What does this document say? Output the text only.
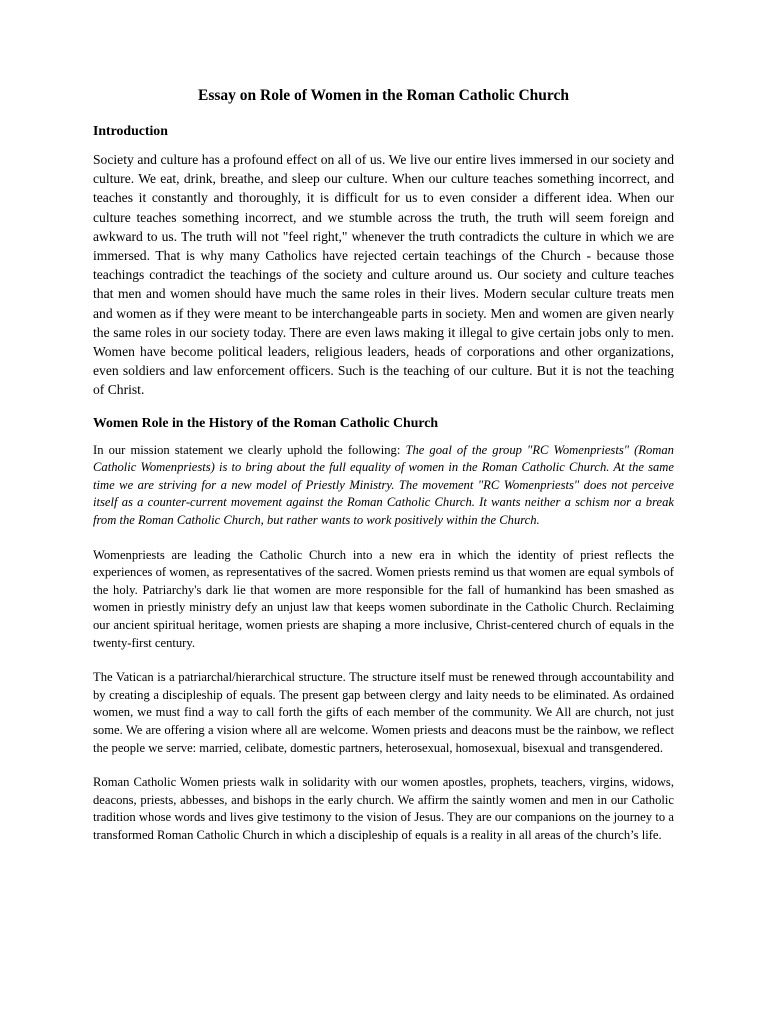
Essay on Role of Women in the Roman Catholic Church
Introduction

Society and culture has a profound effect on all of us. We live our entire lives immersed in our society and culture. We eat, drink, breathe, and sleep our culture. When our culture teaches something incorrect, and teaches it constantly and thoroughly, it is difficult for us to even consider a different idea. When our culture teaches something incorrect, and we stumble across the truth, the truth will seem foreign and awkward to us. The truth will not "feel right," whenever the truth contradicts the culture in which we are immersed. That is why many Catholics have rejected certain teachings of the Church - because those teachings contradict the teachings of the society and culture around us. Our society and culture teaches that men and women should have much the same roles in their lives. Modern secular culture treats men and women as if they were meant to be interchangeable parts in society. Men and women are given nearly the same roles in our society today. There are even laws making it illegal to give certain jobs only to men. Women have become political leaders, religious leaders, heads of corporations and other organizations, even soldiers and law enforcement officers. Such is the teaching of our culture. But it is not the teaching of Christ.

Women Role in the History of the Roman Catholic Church

In our mission statement we clearly uphold the following: The goal of the group "RC Womenpriests" (Roman Catholic Womenpriests) is to bring about the full equality of women in the Roman Catholic Church. At the same time we are striving for a new model of Priestly Ministry. The movement "RC Womenpriests" does not perceive itself as a counter-current movement against the Roman Catholic Church. It wants neither a schism nor a break from the Roman Catholic Church, but rather wants to work positively within the Church.

Womenpriests are leading the Catholic Church into a new era in which the identity of priest reflects the experiences of women, as representatives of the sacred. Women priests remind us that women are equal symbols of the holy. Patriarchy's dark lie that women are more responsible for the fall of humankind has been smashed as women in priestly ministry defy an unjust law that keeps women subordinate in the Catholic Church. Reclaiming our ancient spiritual heritage, women priests are shaping a more inclusive, Christ-centered church of equals in the twenty-first century.

The Vatican is a patriarchal/hierarchical structure. The structure itself must be renewed through accountability and by creating a discipleship of equals. The present gap between clergy and laity needs to be eliminated. As ordained women, we must find a way to call forth the gifts of each member of the community. We All are church, not just some. We are offering a vision where all are welcome. Women priests and deacons must be the rainbow, we reflect the people we serve: married, celibate, domestic partners, heterosexual, homosexual, bisexual and transgendered.

Roman Catholic Women priests walk in solidarity with our women apostles, prophets, teachers, virgins, widows, deacons, priests, abbesses, and bishops in the early church. We affirm the saintly women and men in our Catholic tradition whose words and lives give testimony to the vision of Jesus. They are our companions on the journey to a transformed Roman Catholic Church in which a discipleship of equals is a reality in all areas of the church’s life.
